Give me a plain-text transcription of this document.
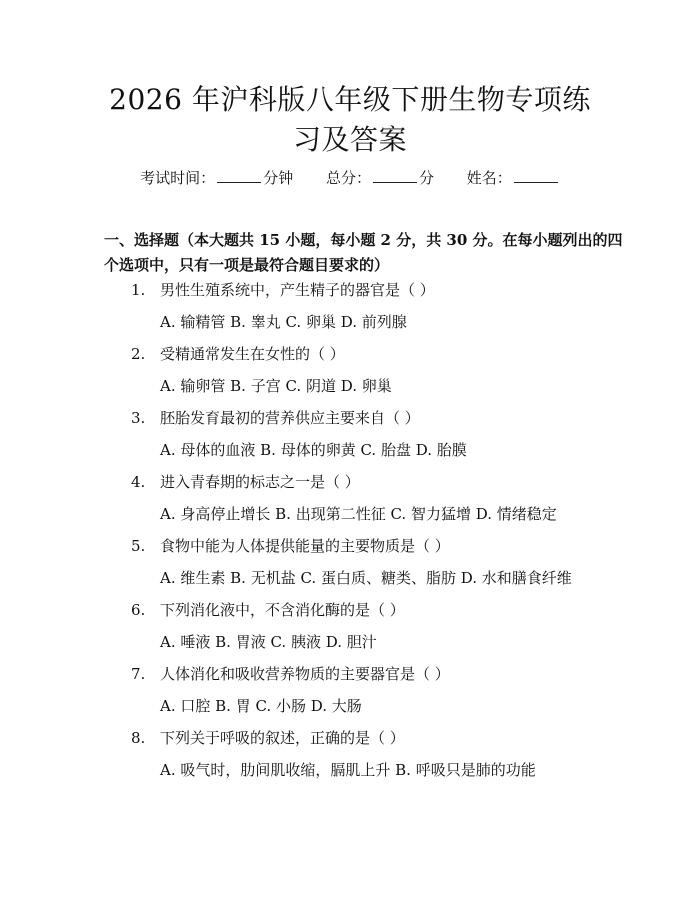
2026 年沪科版八年级下册生物专项练习及答案
考试时间：	分钟 总分：	分 姓名：

一、选择题（本大题共 15 小题，每小题 2 分，共 30 分。在每小题列出的四个选项中，只有一项是最符合题目要求的）

1. 男性生殖系统中，产生精子的器官是（ ）
A. 输精管 B. 睾丸 C. 卵巢 D. 前列腺
2. 受精通常发生在女性的（ ）
A. 输卵管 B. 子宫 C. 阴道 D. 卵巢
3. 胚胎发育最初的营养供应主要来自（ ）
A. 母体的血液 B. 母体的卵黄 C. 胎盘 D. 胎膜
4. 进入青春期的标志之一是（ ）
A. 身高停止增长 B. 出现第二性征 C. 智力猛增 D. 情绪稳定
5. 食物中能为人体提供能量的主要物质是（ ）
A. 维生素 B. 无机盐 C. 蛋白质、糖类、脂肪 D. 水和膳食纤维
6. 下列消化液中，不含消化酶的是（ ）
A. 唾液 B. 胃液 C. 胰液 D. 胆汁
7. 人体消化和吸收营养物质的主要器官是（ ）
A. 口腔 B. 胃 C. 小肠 D. 大肠
8. 下列关于呼吸的叙述，正确的是（ ）
A. 吸气时，肋间肌收缩，膈肌上升 B. 呼吸只是肺的功能
